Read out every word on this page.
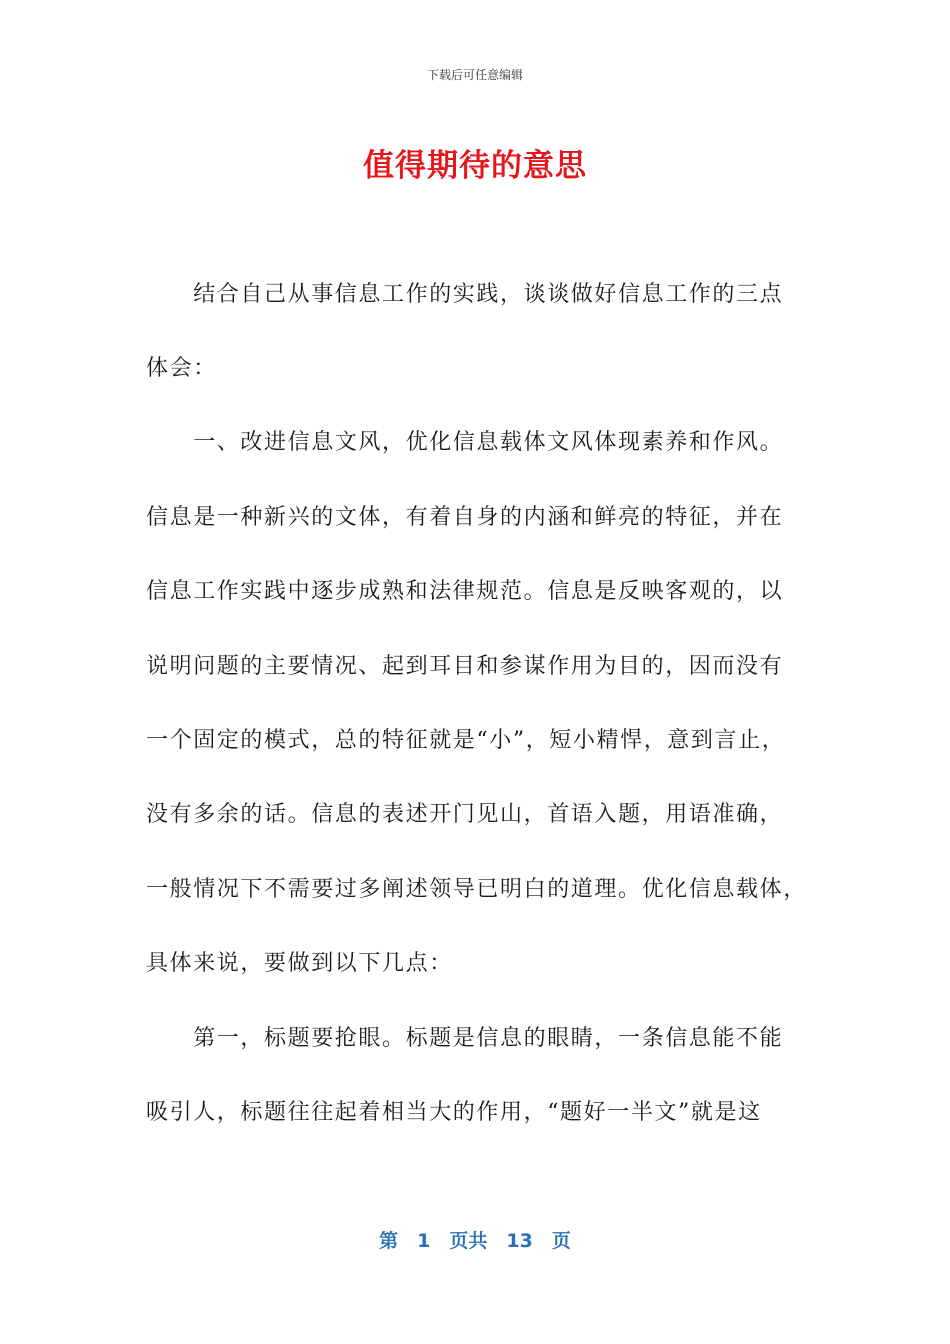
下载后可任意编辑
值得期待的意思
　　结合自己从事信息工作的实践，谈谈做好信息工作的三点
体会：
　　一、改进信息文风，优化信息载体文风体现素养和作风。
信息是一种新兴的文体，有着自身的内涵和鲜亮的特征，并在
信息工作实践中逐步成熟和法律规范。信息是反映客观的，以
说明问题的主要情况、起到耳目和参谋作用为目的，因而没有
一个固定的模式，总的特征就是“小”，短小精悍，意到言止，
没有多余的话。信息的表述开门见山，首语入题，用语准确，
一般情况下不需要过多阐述领导已明白的道理。优化信息载体，
具体来说，要做到以下几点：
　　第一，标题要抢眼。标题是信息的眼睛，一条信息能不能
吸引人，标题往往起着相当大的作用，“题好一半文”就是这
第　1　页共　13　页
